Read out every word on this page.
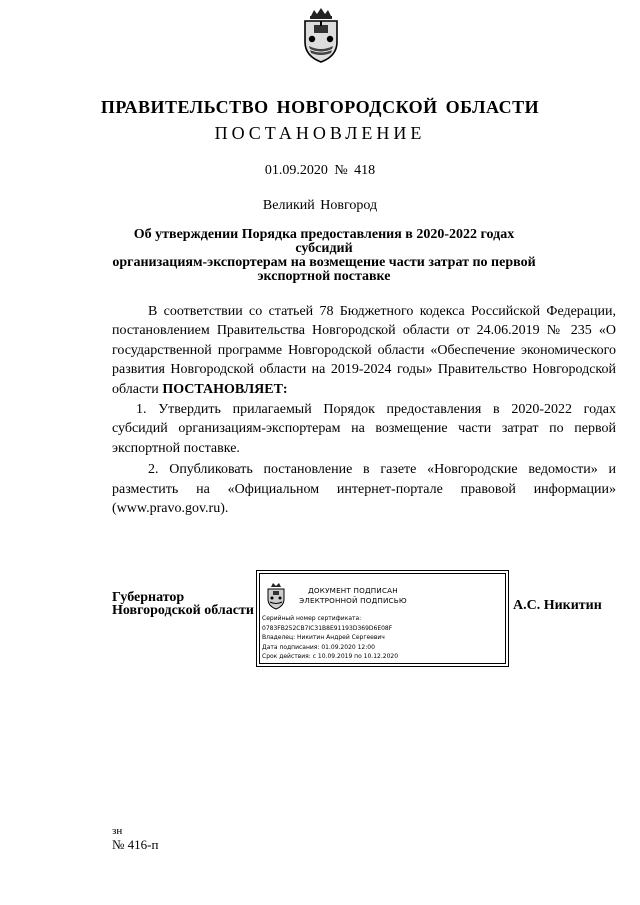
ПРАВИТЕЛЬСТВО НОВГОРОДСКОЙ ОБЛАСТИ
ПОСТАНОВЛЕНИЕ
01.09.2020 № 418
Великий Новгород
Об утверждении Порядка предоставления в 2020-2022 годах субсидий
организациям-экспортерам на возмещение части затрат по первой
экспортной поставке

В соответствии со статьей 78 Бюджетного кодекса Российской Федерации, постановлением Правительства Новгородской области от 24.06.2019 № 235 «О государственной программе Новгородской области «Обеспечение экономического развития Новгородской области на 2019-2024 годы» Правительство Новгородской области ПОСТАНОВЛЯЕТ:

1. Утвердить прилагаемый Порядок предоставления в 2020-2022 годах субсидий организациям-экспортерам на возмещение части затрат по первой экспортной поставке.

2. Опубликовать постановление в газете «Новгородские ведомости» и разместить на «Официальном интернет-портале правовой информации» (www.pravo.gov.ru).

Губернатор
Новгородской области
ДОКУМЕНТ ПОДПИСАН
ЭЛЕКТРОННОЙ ПОДПИСЬЮ
Серийный номер сертификата:
0783FB252CB7IC31B8E91193D369D6E08F
Владелец: Никитин Андрей Сергеевич
Дата подписания: 01.09.2020 12:00
Срок действия: с 10.09.2019 по 10.12.2020
А.С. Никитин
зн
№ 416-п
